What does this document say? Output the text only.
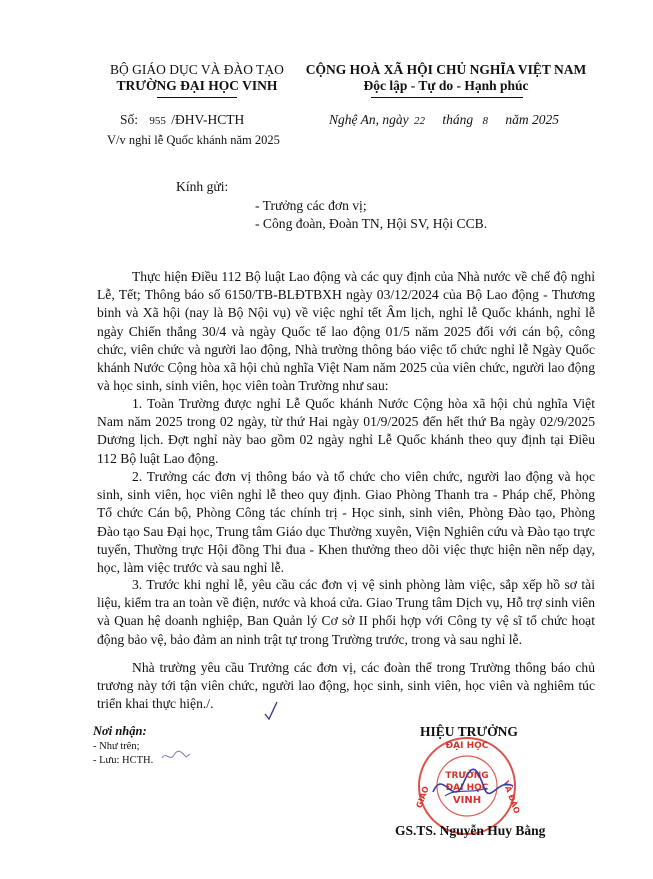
BỘ GIÁO DỤC VÀ ĐÀO TẠO
TRƯỜNG ĐẠI HỌC VINH
CỘNG HOÀ XÃ HỘI CHỦ NGHĨA VIỆT NAM
Độc lập - Tự do - Hạnh phúc
Số: 955 /ĐHV-HCTH	Nghệ An, ngày 22 tháng 8 năm 2025
V/v nghỉ lễ Quốc khánh năm 2025
Kính gửi:
- Trưởng các đơn vị;
- Công đoàn, Đoàn TN, Hội SV, Hội CCB.
Thực hiện Điều 112 Bộ luật Lao động và các quy định của Nhà nước về chế độ nghỉ Lễ, Tết; Thông báo số 6150/TB-BLĐTBXH ngày 03/12/2024 của Bộ Lao động - Thương binh và Xã hội (nay là Bộ Nội vụ) về việc nghỉ tết Âm lịch, nghỉ lễ Quốc khánh, nghỉ lễ ngày Chiến thắng 30/4 và ngày Quốc tế lao động 01/5 năm 2025 đối với cán bộ, công chức, viên chức và người lao động, Nhà trường thông báo việc tổ chức nghỉ lễ Ngày Quốc khánh Nước Cộng hòa xã hội chủ nghĩa Việt Nam năm 2025 của viên chức, người lao động và học sinh, sinh viên, học viên toàn Trường như sau:
1. Toàn Trường được nghỉ Lễ Quốc khánh Nước Cộng hòa xã hội chủ nghĩa Việt Nam năm 2025 trong 02 ngày, từ thứ Hai ngày 01/9/2025 đến hết thứ Ba ngày 02/9/2025 Dương lịch. Đợt nghỉ này bao gồm 02 ngày nghỉ Lễ Quốc khánh theo quy định tại Điều 112 Bộ luật Lao động.
2. Trưởng các đơn vị thông báo và tổ chức cho viên chức, người lao động và học sinh, sinh viên, học viên nghỉ lễ theo quy định. Giao Phòng Thanh tra - Pháp chế, Phòng Tổ chức Cán bộ, Phòng Công tác chính trị - Học sinh, sinh viên, Phòng Đào tạo, Phòng Đào tạo Sau Đại học, Trung tâm Giáo dục Thường xuyên, Viện Nghiên cứu và Đào tạo trực tuyến, Thường trực Hội đồng Thi đua - Khen thưởng theo dõi việc thực hiện nền nếp dạy, học, làm việc trước và sau nghỉ lễ.
3. Trước khi nghỉ lễ, yêu cầu các đơn vị vệ sinh phòng làm việc, sắp xếp hồ sơ tài liệu, kiểm tra an toàn về điện, nước và khoá cửa. Giao Trung tâm Dịch vụ, Hỗ trợ sinh viên và Quan hệ doanh nghiệp, Ban Quản lý Cơ sở II phối hợp với Công ty vệ sĩ tổ chức hoạt động bảo vệ, bảo đảm an ninh trật tự trong Trường trước, trong và sau nghỉ lễ.
Nhà trường yêu cầu Trưởng các đơn vị, các đoàn thể trong Trường thông báo chủ trương này tới tận viên chức, người lao động, học sinh, sinh viên, học viên và nghiêm túc triển khai thực hiện./.
Nơi nhận:
- Như trên;
- Lưu: HCTH.
HIỆU TRƯỞNG
ĐẠI HỌC
GIÁO	VÀ ĐÀO
TRƯỜNG
ĐẠI HỌC
VINH
GS.TS. Nguyễn Huy Bằng
